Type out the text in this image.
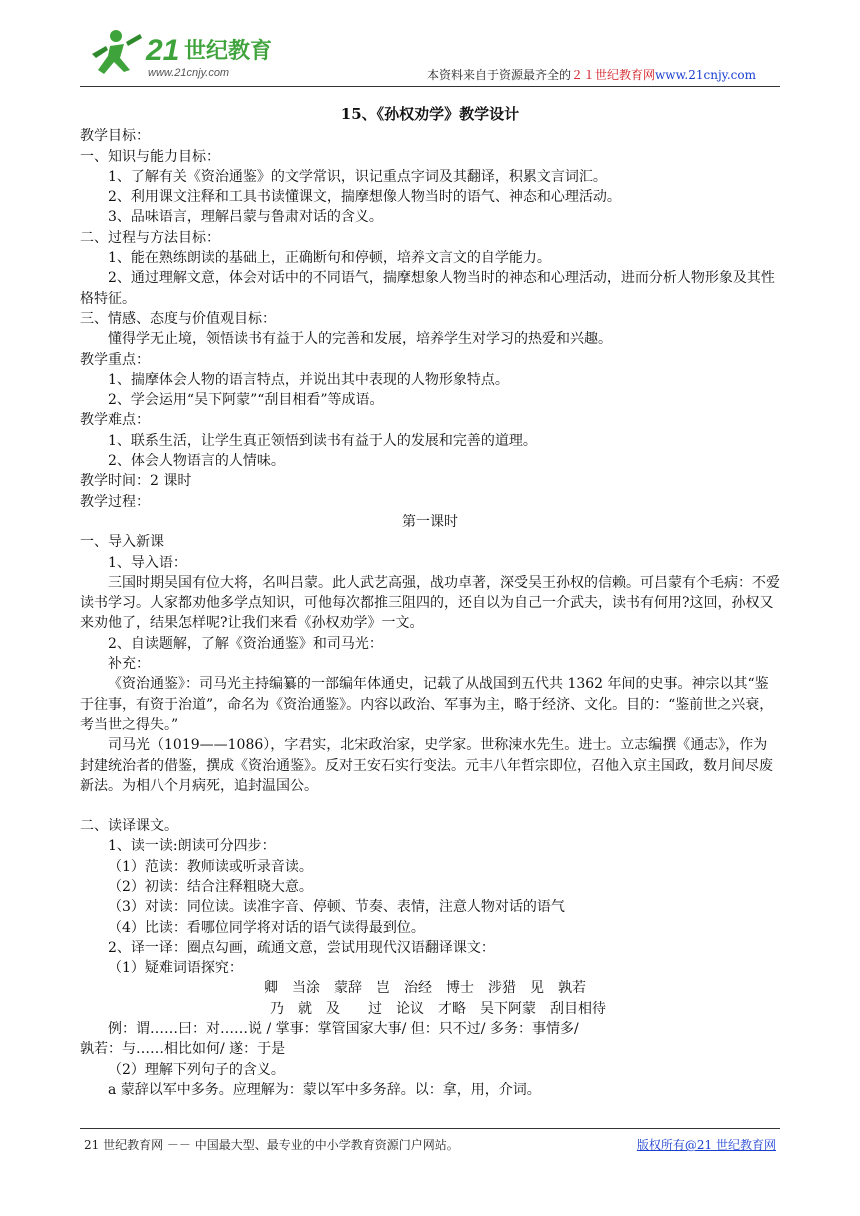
21 世纪教育
www.21cnjy.com	本资料来自于资源最齐全的２１世纪教育网www.21cnjy.com
15、《孙权劝学》教学设计
教学目标：
一、知识与能力目标：
1、了解有关《资治通鉴》的文学常识，识记重点字词及其翻译，积累文言词汇。
2、利用课文注释和工具书读懂课文，揣摩想像人物当时的语气、神态和心理活动。
3、品味语言，理解吕蒙与鲁肃对话的含义。
二、过程与方法目标：
1、能在熟练朗读的基础上，正确断句和停顿，培养文言文的自学能力。
2、通过理解文意，体会对话中的不同语气，揣摩想象人物当时的神态和心理活动，进而分析人物形象及其性格特征。
三、情感、态度与价值观目标：
懂得学无止境，领悟读书有益于人的完善和发展，培养学生对学习的热爱和兴趣。
教学重点：
1、揣摩体会人物的语言特点，并说出其中表现的人物形象特点。
2、学会运用“吴下阿蒙”“刮目相看”等成语。
教学难点：
1、联系生活，让学生真正领悟到读书有益于人的发展和完善的道理。
2、体会人物语言的人情味。
教学时间：2 课时
教学过程：
第一课时
一、导入新课
1、导入语：
三国时期吴国有位大将，名叫吕蒙。此人武艺高强，战功卓著，深受吴王孙权的信赖。可吕蒙有个毛病：不爱读书学习。人家都劝他多学点知识，可他每次都推三阻四的，还自以为自己一介武夫，读书有何用?这回，孙权又来劝他了，结果怎样呢?让我们来看《孙权劝学》一文。
2、自读题解，了解《资治通鉴》和司马光：
补充：
《资治通鉴》：司马光主持编纂的一部编年体通史，记载了从战国到五代共 1362 年间的史事。神宗以其“鉴于往事，有资于治道”，命名为《资治通鉴》。内容以政治、军事为主，略于经济、文化。目的：“鉴前世之兴衰，考当世之得失。”
司马光（1019——1086），字君实，北宋政治家，史学家。世称涑水先生。进士。立志编撰《通志》，作为封建统治者的借鉴，撰成《资治通鉴》。反对王安石实行变法。元丰八年哲宗即位，召他入京主国政，数月间尽废新法。为相八个月病死，追封温国公。
二、读译课文。
1、读一读:朗读可分四步：
（1）范读：教师读或听录音读。
（2）初读：结合注释粗晓大意。
（3）对读：同位读。读准字音、停顿、节奏、表情，注意人物对话的语气
（4）比读：看哪位同学将对话的语气读得最到位。
2、译一译：圈点勾画，疏通文意，尝试用现代汉语翻译课文：
（1）疑难词语探究：
卿　当涂　蒙辞　岂　治经　博士　涉猎　见　孰若
乃　就　及　　过　论议　才略　吴下阿蒙　刮目相待
例：谓……曰：对……说 / 掌事：掌管国家大事/ 但：只不过/ 多务：事情多/
孰若：与……相比如何/ 遂：于是
（2）理解下列句子的含义。
a 蒙辞以军中多务。应理解为：蒙以军中多务辞。以：拿，用，介词。
21 世纪教育网 －－ 中国最大型、最专业的中小学教育资源门户网站。	版权所有@21 世纪教育网
